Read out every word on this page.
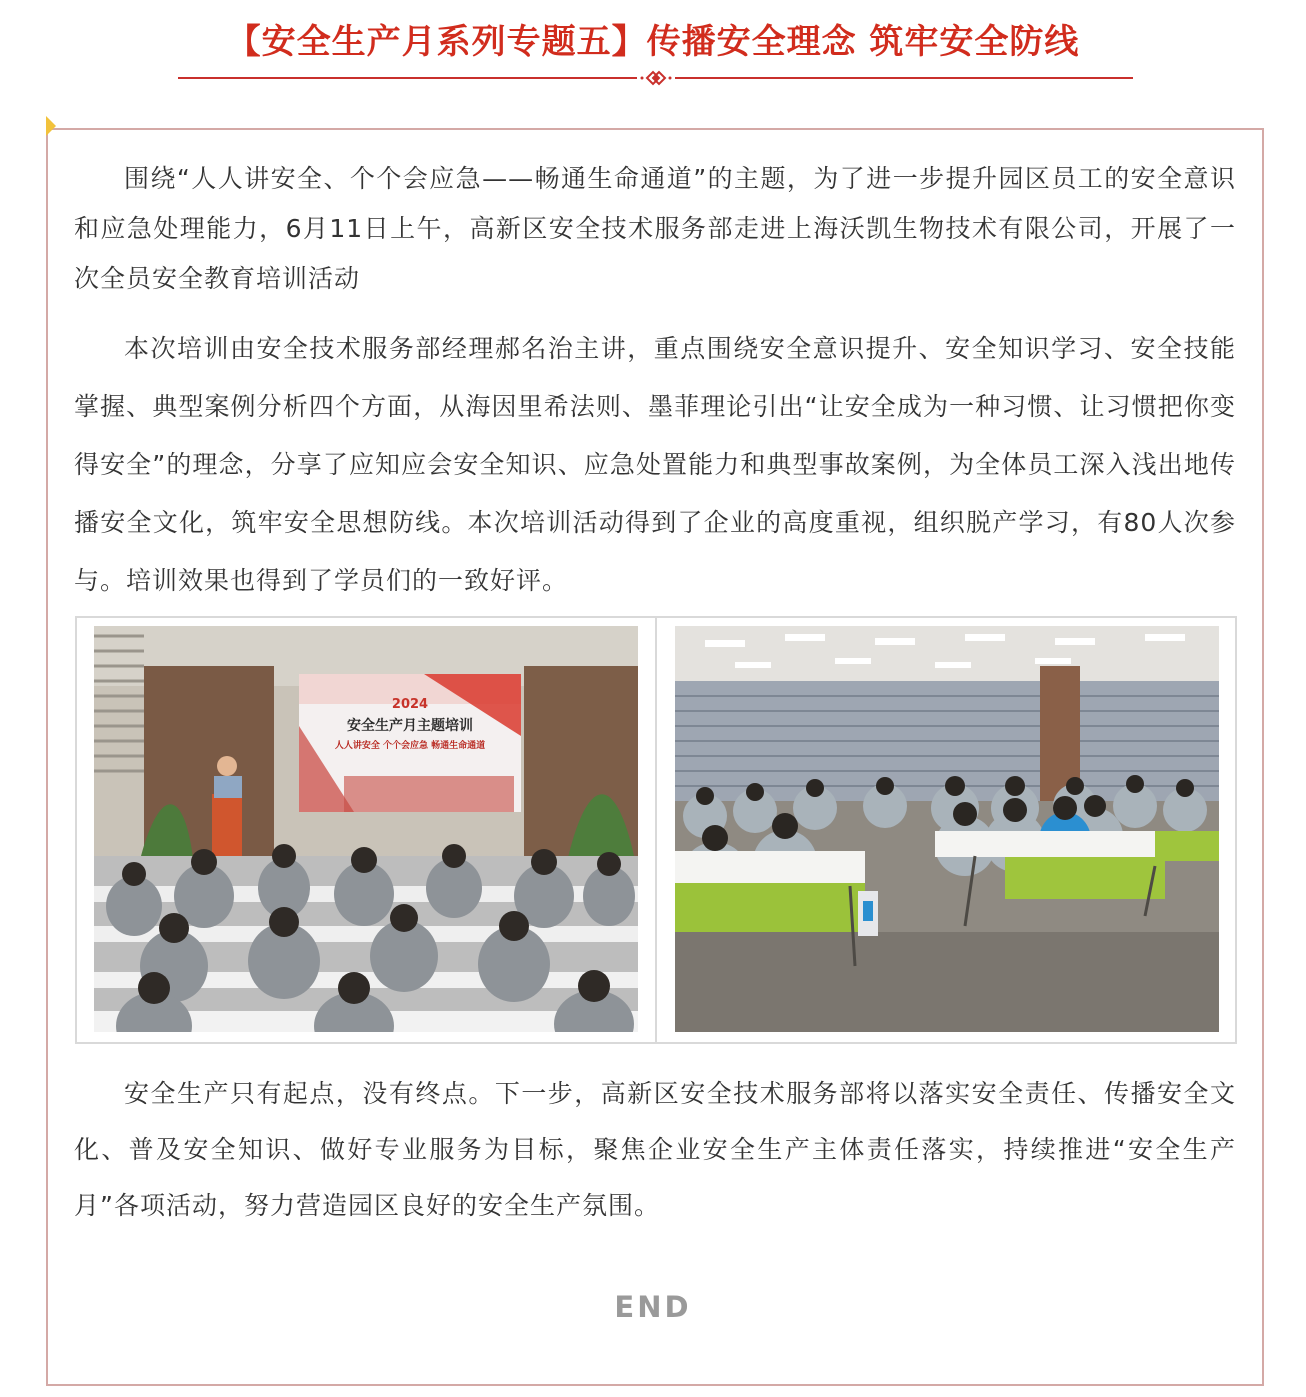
【安全生产月系列专题五】传播安全理念 筑牢安全防线

围绕“人人讲安全、个个会应急——畅通生命通道”的主题，为了进一步提升园区员工的安全意识和应急处理能力，6月11日上午，高新区安全技术服务部走进上海沃凯生物技术有限公司，开展了一次全员安全教育培训活动

本次培训由安全技术服务部经理郝名治主讲，重点围绕安全意识提升、安全知识学习、安全技能掌握、典型案例分析四个方面，从海因里希法则、墨菲理论引出“让安全成为一种习惯、让习惯把你变得安全”的理念，分享了应知应会安全知识、应急处置能力和典型事故案例，为全体员工深入浅出地传播安全文化，筑牢安全思想防线。本次培训活动得到了企业的高度重视，组织脱产学习，有80人次参与。培训效果也得到了学员们的一致好评。

2024
安全生产月主题培训
人人讲安全 个个会应急 畅通生命通道

安全生产只有起点，没有终点。下一步，高新区安全技术服务部将以落实安全责任、传播安全文化、普及安全知识、做好专业服务为目标，聚焦企业安全生产主体责任落实，持续推进“安全生产月”各项活动，努力营造园区良好的安全生产氛围。

END
